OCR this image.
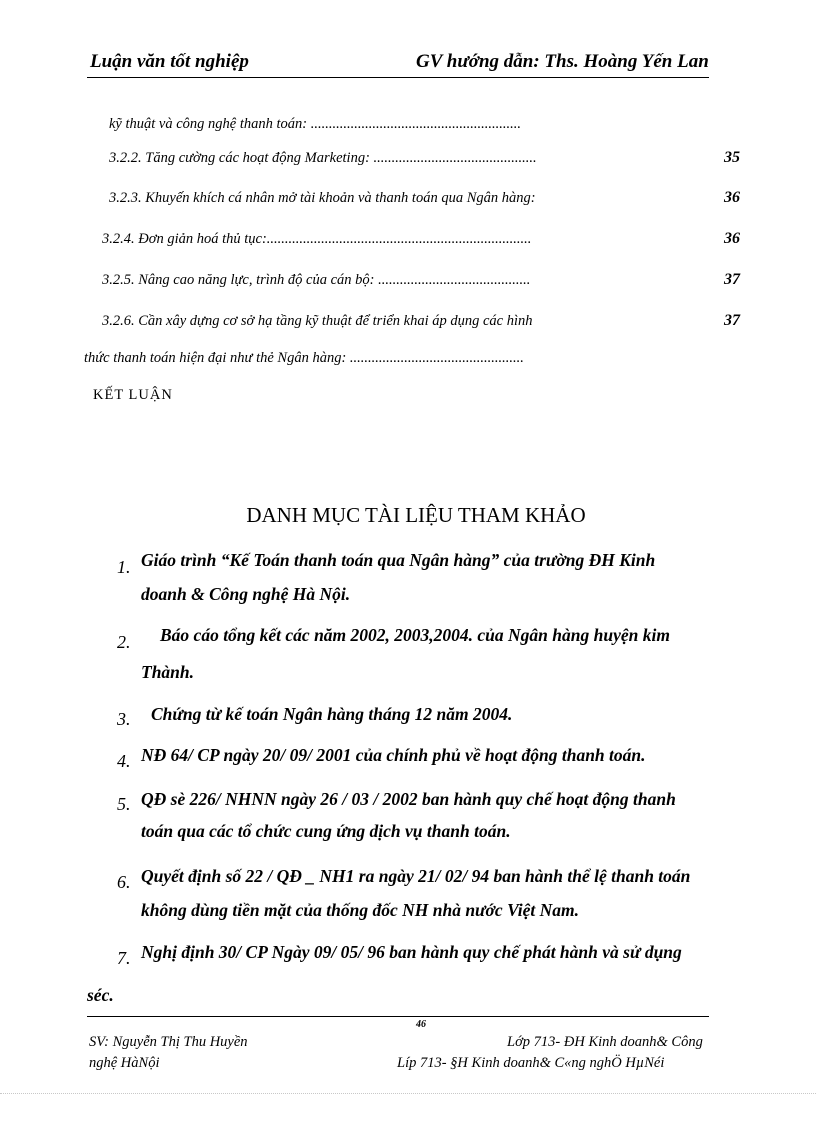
Luận văn tốt nghiệp	GV hướng dẫn: Ths. Hoàng Yến Lan
kỹ thuật và công nghệ thanh toán: ..........................................................
3.2.2. Tăng cường các hoạt động Marketing: .............................................	35
3.2.3. Khuyến khích cá nhân mở tài khoản và thanh toán qua Ngân hàng:	36
3.2.4. Đơn giản hoá thủ tục:.........................................................................	36
3.2.5. Nâng cao năng lực, trình độ của cán bộ: ..........................................	37
3.2.6. Cần xây dựng cơ sở hạ tầng kỹ thuật để triển khai áp dụng các hình	37
thức thanh toán hiện đại như thẻ Ngân hàng: ................................................
KẾT LUẬN
DANH MỤC TÀI LIỆU THAM KHẢO
1. Giáo trình “Kế Toán thanh toán qua Ngân hàng” của trường ĐH Kinh
doanh & Công nghệ Hà Nội.
2. Báo cáo tổng kết các năm 2002, 2003,2004. của Ngân hàng huyện kim
Thành.
3. Chứng từ kế toán Ngân hàng tháng 12 năm 2004.
4. NĐ 64/ CP ngày 20/ 09/ 2001 của chính phủ về hoạt động thanh toán.
5. QĐ sè 226/ NHNN ngày 26 / 03 / 2002 ban hành quy chế hoạt động thanh
toán qua các tổ chức cung ứng dịch vụ thanh toán.
6. Quyết định số 22 / QĐ _ NH1 ra ngày 21/ 02/ 94 ban hành thể lệ thanh toán
không dùng tiền mặt của thống đốc NH nhà nước Việt Nam.
7. Nghị định 30/ CP Ngày 09/ 05/ 96 ban hành quy chế phát hành và sử dụng
séc.
46
SV: Nguyễn Thị Thu Huyền	Lớp 713- ĐH Kinh doanh& Công
nghệ HàNội	Líp 713- §H Kinh doanh& C«ng nghÖ HµNéi
